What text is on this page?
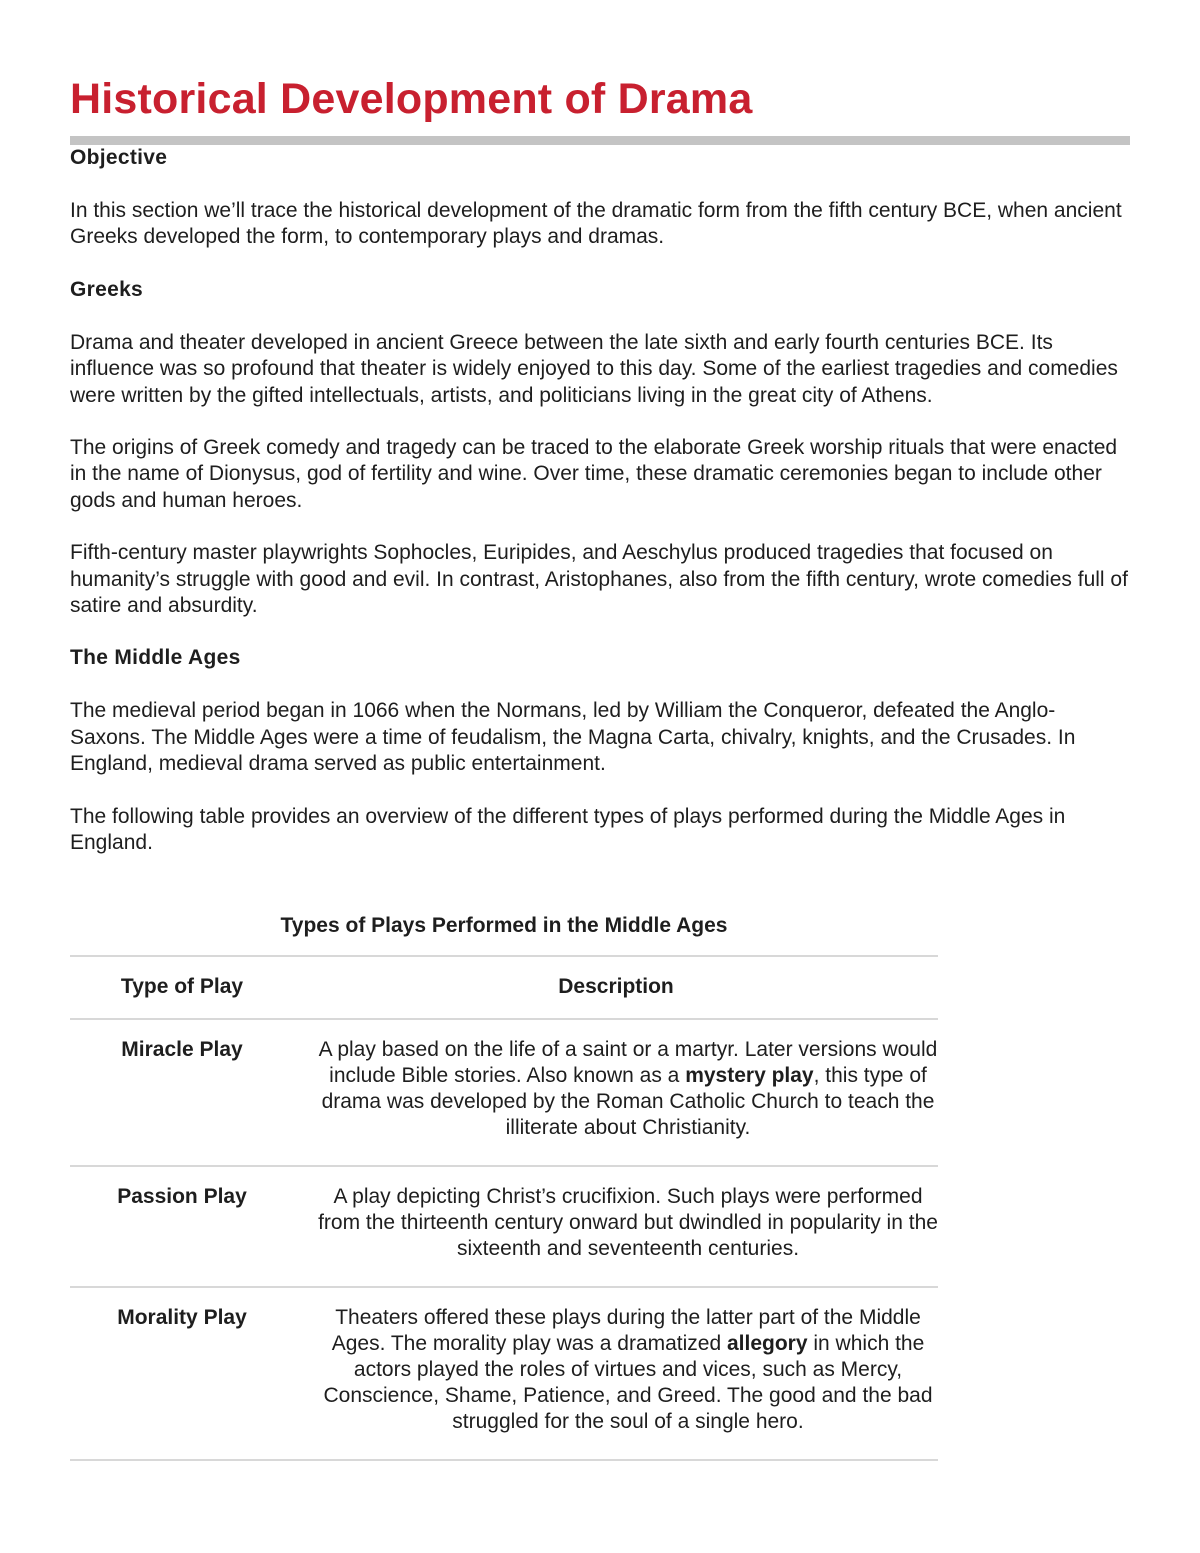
Historical Development of Drama
Objective

In this section we’ll trace the historical development of the dramatic form from the fifth century BCE, when ancient Greeks developed the form, to contemporary plays and dramas.

Greeks

Drama and theater developed in ancient Greece between the late sixth and early fourth centuries BCE. Its influence was so profound that theater is widely enjoyed to this day. Some of the earliest tragedies and comedies were written by the gifted intellectuals, artists, and politicians living in the great city of Athens.

The origins of Greek comedy and tragedy can be traced to the elaborate Greek worship rituals that were enacted in the name of Dionysus, god of fertility and wine. Over time, these dramatic ceremonies began to include other gods and human heroes.

Fifth-century master playwrights Sophocles, Euripides, and Aeschylus produced tragedies that focused on humanity’s struggle with good and evil. In contrast, Aristophanes, also from the fifth century, wrote comedies full of satire and absurdity.

The Middle Ages

The medieval period began in 1066 when the Normans, led by William the Conqueror, defeated the Anglo-Saxons. The Middle Ages were a time of feudalism, the Magna Carta, chivalry, knights, and the Crusades. In England, medieval drama served as public entertainment.

The following table provides an overview of the different types of plays performed during the Middle Ages in England.

Types of Plays Performed in the Middle Ages
Type of Play	Description
Miracle Play	A play based on the life of a saint or a martyr. Later versions would include Bible stories. Also known as a mystery play, this type of drama was developed by the Roman Catholic Church to teach the illiterate about Christianity.
Passion Play	A play depicting Christ’s crucifixion. Such plays were performed from the thirteenth century onward but dwindled in popularity in the sixteenth and seventeenth centuries.
Morality Play	Theaters offered these plays during the latter part of the Middle Ages. The morality play was a dramatized allegory in which the actors played the roles of virtues and vices, such as Mercy, Conscience, Shame, Patience, and Greed. The good and the bad struggled for the soul of a single hero.
